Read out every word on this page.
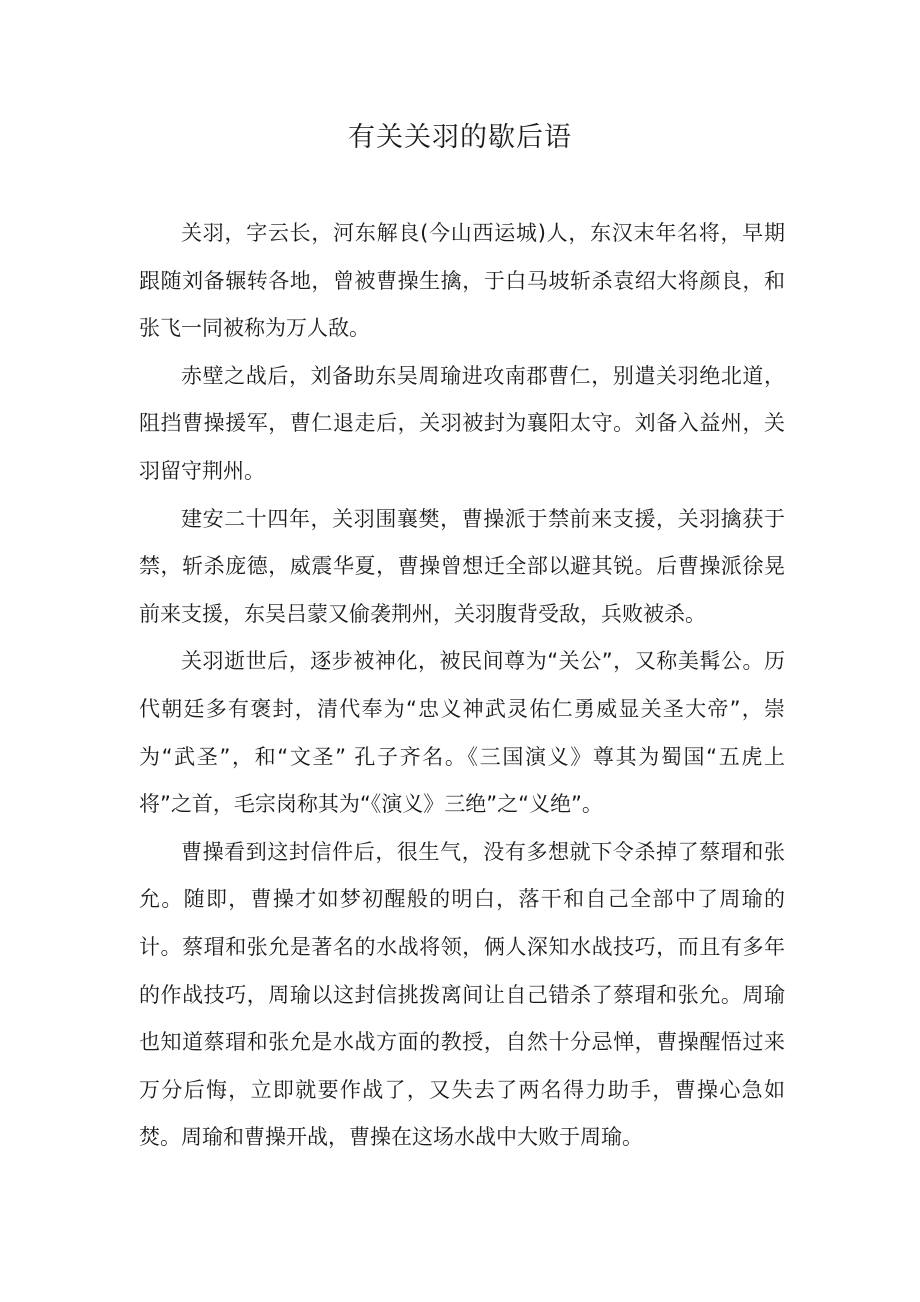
有关关羽的歇后语

关羽，字云长，河东解良(今山西运城)人，东汉末年名将，早期跟随刘备辗转各地，曾被曹操生擒，于白马坡斩杀袁绍大将颜良，和张飞一同被称为万人敌。

赤壁之战后，刘备助东吴周瑜进攻南郡曹仁，别遣关羽绝北道，阻挡曹操援军，曹仁退走后，关羽被封为襄阳太守。刘备入益州，关羽留守荆州。

建安二十四年，关羽围襄樊，曹操派于禁前来支援，关羽擒获于禁，斩杀庞德，威震华夏，曹操曾想迁全部以避其锐。后曹操派徐晃前来支援，东吴吕蒙又偷袭荆州，关羽腹背受敌，兵败被杀。

关羽逝世后，逐步被神化，被民间尊为“关公”，又称美髯公。历代朝廷多有褒封，清代奉为“忠义神武灵佑仁勇威显关圣大帝”，崇为“武圣”，和“文圣” 孔子齐名。《三国演义》尊其为蜀国“五虎上将”之首，毛宗岗称其为“《演义》三绝”之“义绝”。

曹操看到这封信件后，很生气，没有多想就下令杀掉了蔡瑁和张允。随即，曹操才如梦初醒般的明白，落干和自己全部中了周瑜的计。蔡瑁和张允是著名的水战将领，俩人深知水战技巧，而且有多年的作战技巧，周瑜以这封信挑拨离间让自己错杀了蔡瑁和张允。周瑜也知道蔡瑁和张允是水战方面的教授，自然十分忌惮，曹操醒悟过来万分后悔，立即就要作战了，又失去了两名得力助手，曹操心急如焚。周瑜和曹操开战，曹操在这场水战中大败于周瑜。
